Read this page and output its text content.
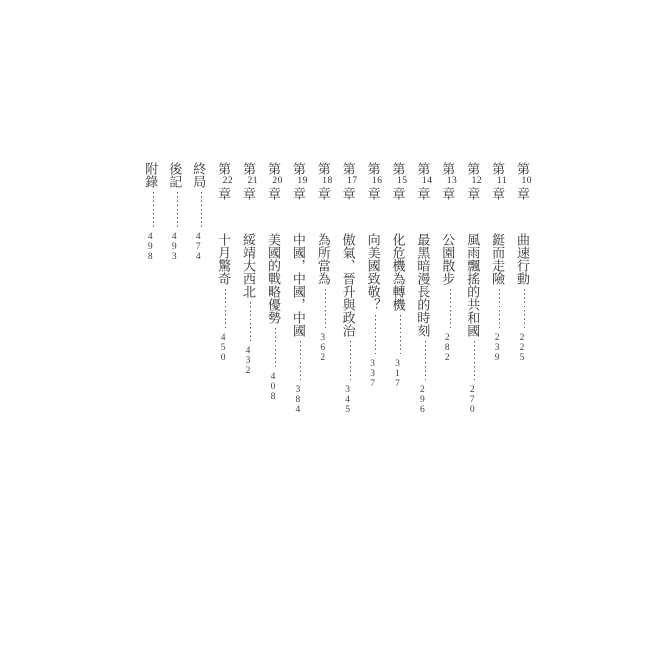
第
10
章曲速行動225
第
11
章鋌而走險239
第
12
章風雨飄搖的共和國270
第
13
章公園散步282
第
14
章最黑暗漫長的時刻296
第
15
章化危機為轉機317
第
16
章向美國致敬？337
第
17
章傲氣、晉升與政治345
第
18
章為所當為362
第
19
章中國，中國，中國384
第
20
章美國的戰略優勢408
第
21
章綏靖大西北432
第
22
章十月驚奇450
終局474
後記493
附錄498
